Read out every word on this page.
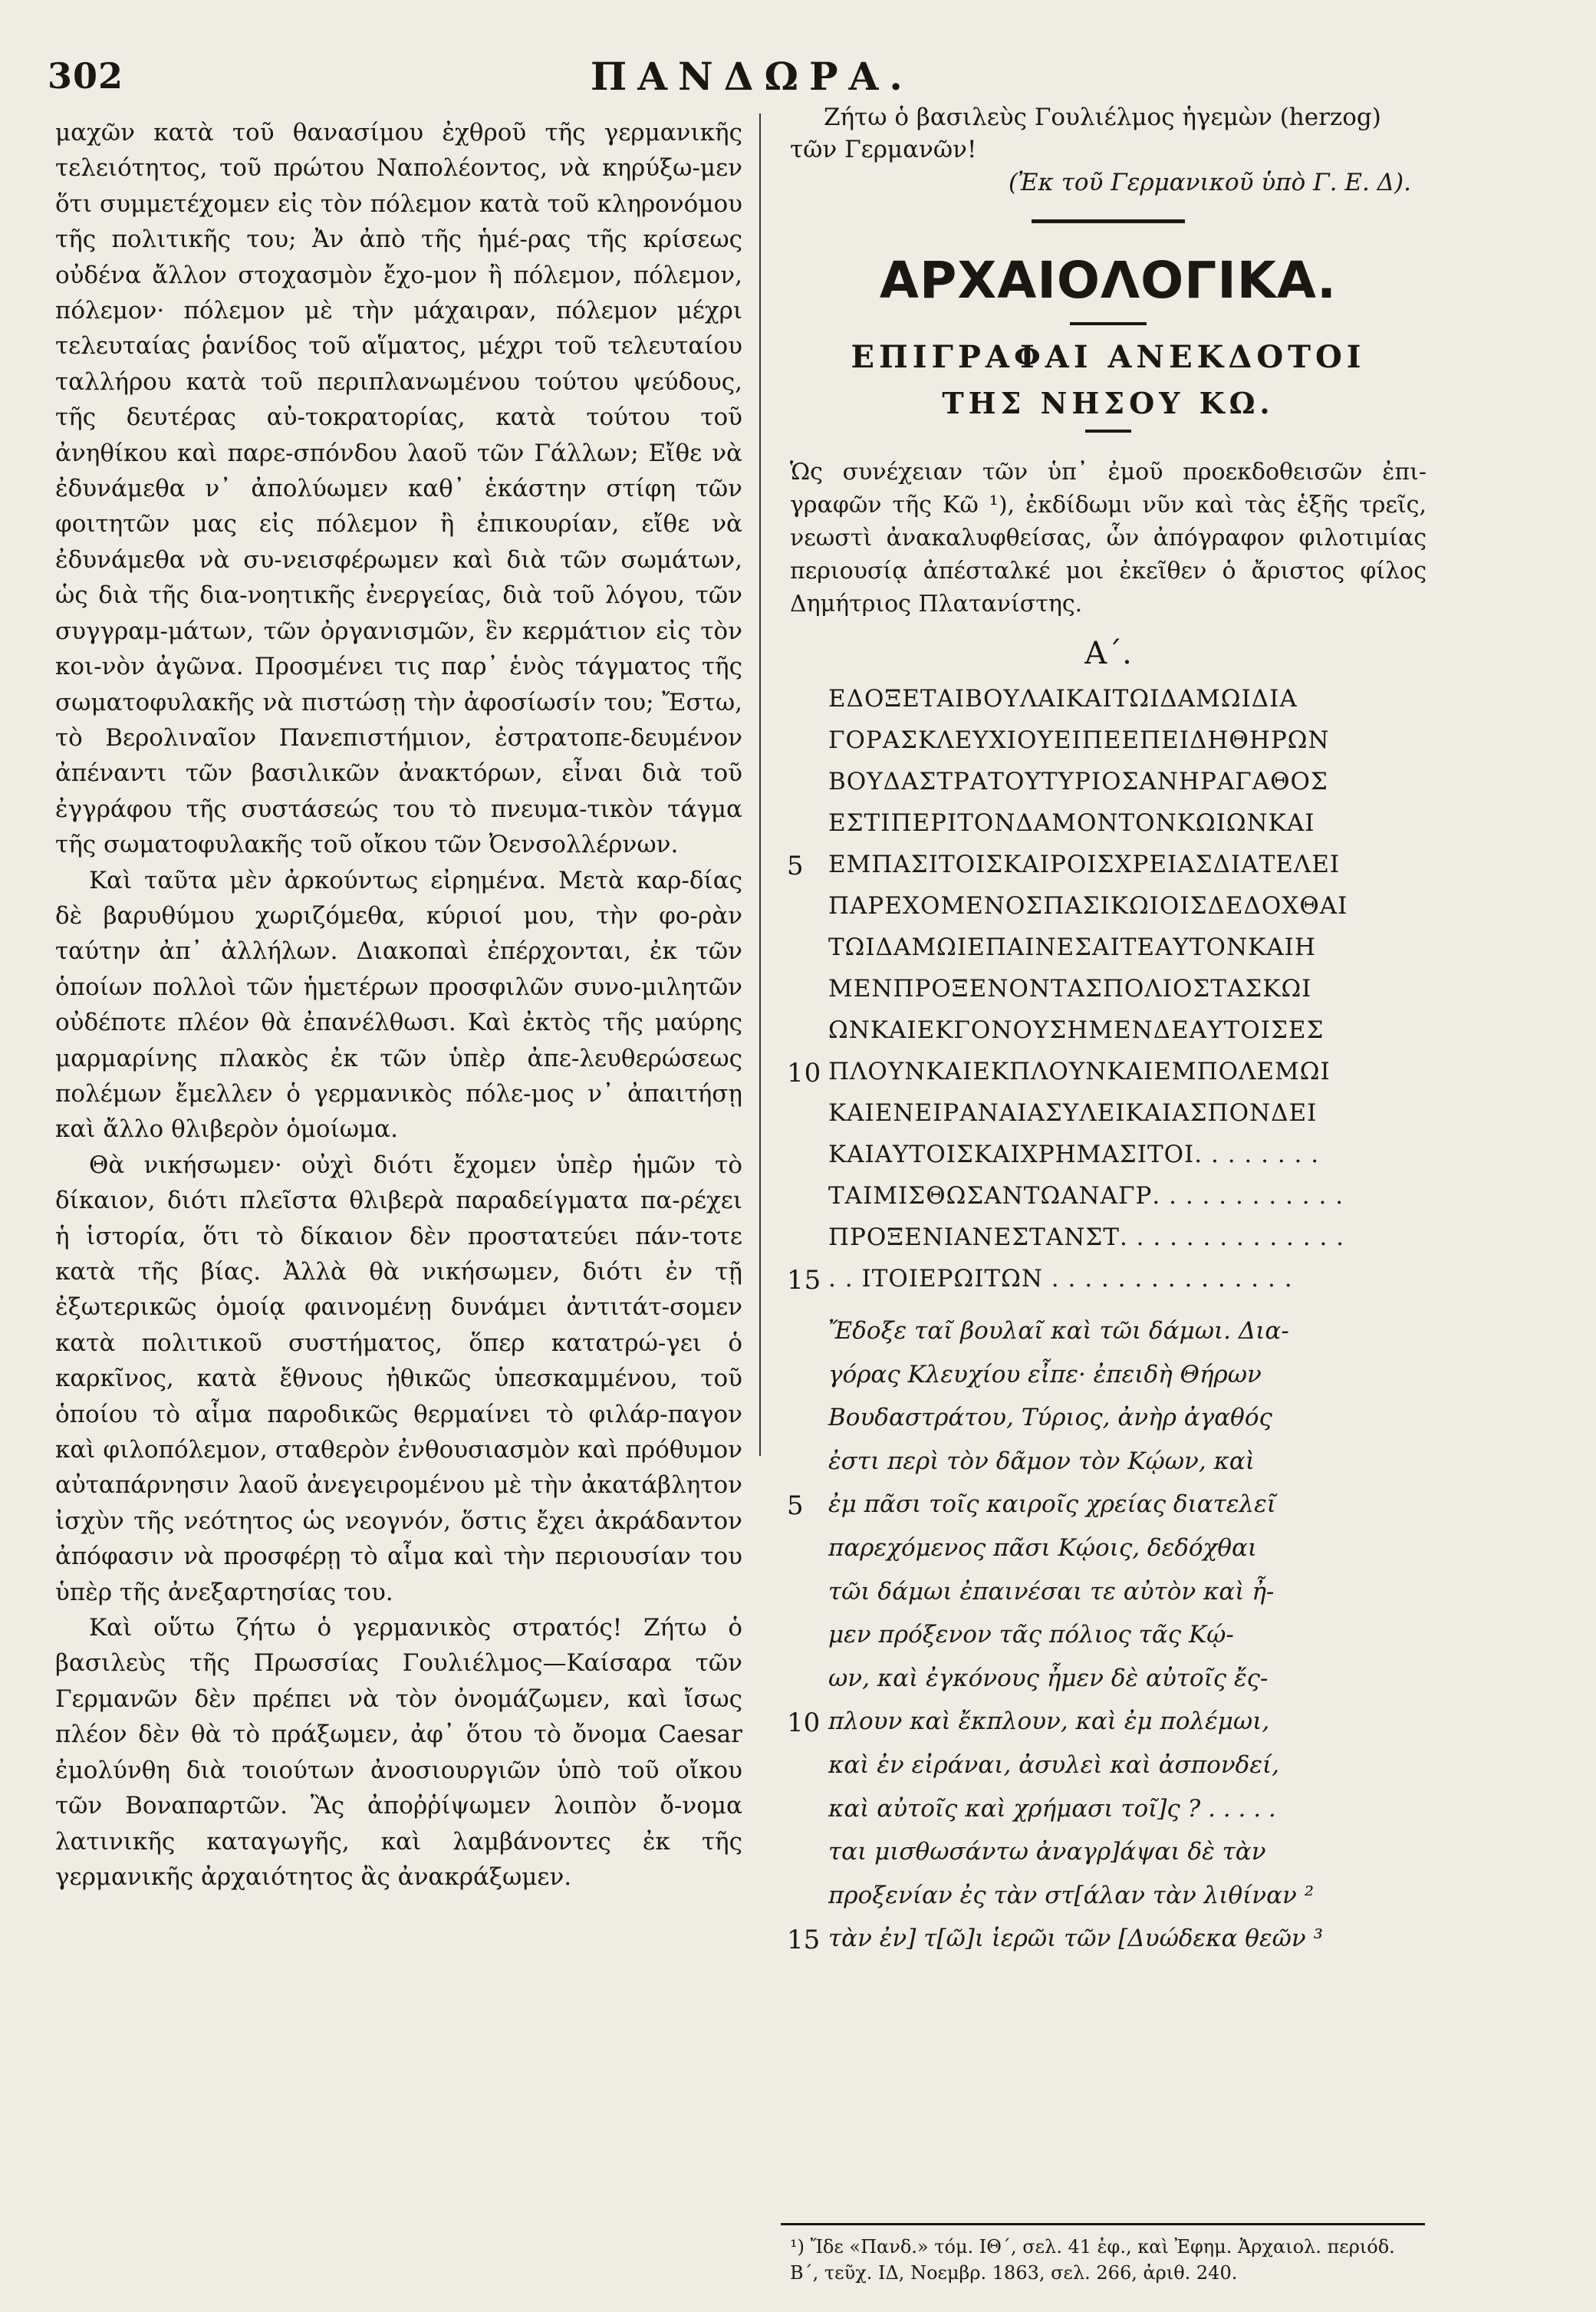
302	ΠΑΝΔΩΡΑ.

μαχῶν κατὰ τοῦ θανασίμου ἐχθροῦ τῆς γερμανικῆς τελειότητος, τοῦ πρώτου Ναπολέοντος, νὰ κηρύξω-μεν ὅτι συμμετέχομεν εἰς τὸν πόλεμον κατὰ τοῦ κληρονόμου τῆς πολιτικῆς του; Ἀν ἀπὸ τῆς ἡμέ-ρας τῆς κρίσεως οὐδένα ἄλλον στοχασμὸν ἔχο-μον ἢ πόλεμον, πόλεμον, πόλεμον· πόλεμον μὲ τὴν μάχαιραν, πόλεμον μέχρι τελευταίας ῥανίδος τοῦ αἵματος, μέχρι τοῦ τελευταίου ταλλήρου κατὰ τοῦ περιπλανωμένου τούτου ψεύδους, τῆς δευτέρας αὐ-τοκρατορίας, κατὰ τούτου τοῦ ἀνηθίκου καὶ παρε-σπόνδου λαοῦ τῶν Γάλλων; Εἴθε νὰ ἐδυνάμεθα ν᾽ ἀπολύωμεν καθ᾽ ἑκάστην στίφη τῶν φοιτητῶν μας εἰς πόλεμον ἢ ἐπικουρίαν, εἴθε νὰ ἐδυνάμεθα νὰ συ-νεισφέρωμεν καὶ διὰ τῶν σωμάτων, ὡς διὰ τῆς δια-νοητικῆς ἐνεργείας, διὰ τοῦ λόγου, τῶν συγγραμ-μάτων, τῶν ὀργανισμῶν, ἓν κερμάτιον εἰς τὸν κοι-νὸν ἀγῶνα. Προσμένει τις παρ᾽ ἑνὸς τάγματος τῆς σωματοφυλακῆς νὰ πιστώσῃ τὴν ἀφοσίωσίν του; Ἔστω, τὸ Βερολιναῖον Πανεπιστήμιον, ἐστρατοπε-δευμένον ἀπέναντι τῶν βασιλικῶν ἀνακτόρων, εἶναι διὰ τοῦ ἐγγράφου τῆς συστάσεώς του τὸ πνευμα-τικὸν τάγμα τῆς σωματοφυλακῆς τοῦ οἴκου τῶν Ὀενσολλέρνων.

Καὶ ταῦτα μὲν ἀρκούντως εἰρημένα. Μετὰ καρ-δίας δὲ βαρυθύμου χωριζόμεθα, κύριοί μου, τὴν φο-ρὰν ταύτην ἀπ᾽ ἀλλήλων. Διακοπαὶ ἐπέρχονται, ἐκ τῶν ὁποίων πολλοὶ τῶν ἡμετέρων προσφιλῶν συνο-μιλητῶν οὐδέποτε πλέον θὰ ἐπανέλθωσι. Καὶ ἐκτὸς τῆς μαύρης μαρμαρίνης πλακὸς ἐκ τῶν ὑπὲρ ἀπε-λευθερώσεως πολέμων ἔμελλεν ὁ γερμανικὸς πόλε-μος ν᾽ ἀπαιτήσῃ καὶ ἄλλο θλιβερὸν ὁμοίωμα.

Θὰ νικήσωμεν· οὐχὶ διότι ἔχομεν ὑπὲρ ἡμῶν τὸ δίκαιον, διότι πλεῖστα θλιβερὰ παραδείγματα πα-ρέχει ἡ ἱστορία, ὅτι τὸ δίκαιον δὲν προστατεύει πάν-τοτε κατὰ τῆς βίας. Ἀλλὰ θὰ νικήσωμεν, διότι ἐν τῇ ἐξωτερικῶς ὁμοίᾳ φαινομένῃ δυνάμει ἀντιτάτ-σομεν κατὰ πολιτικοῦ συστήματος, ὅπερ κατατρώ-γει ὁ καρκῖνος, κατὰ ἔθνους ἠθικῶς ὑπεσκαμμένου, τοῦ ὁποίου τὸ αἷμα παροδικῶς θερμαίνει τὸ φιλάρ-παγον καὶ φιλοπόλεμον, σταθερὸν ἐνθουσιασμὸν καὶ πρόθυμον αὐταπάρνησιν λαοῦ ἀνεγειρομένου μὲ τὴν ἀκατάβλητον ἰσχὺν τῆς νεότητος ὡς νεογνόν, ὅστις ἔχει ἀκράδαντον ἀπόφασιν νὰ προσφέρῃ τὸ αἷμα καὶ τὴν περιουσίαν του ὑπὲρ τῆς ἀνεξαρτησίας του.

Καὶ οὕτω ζήτω ὁ γερμανικὸς στρατός! Ζήτω ὁ βασιλεὺς τῆς Πρωσσίας Γουλιέλμος—Καίσαρα τῶν Γερμανῶν δὲν πρέπει νὰ τὸν ὀνομάζωμεν, καὶ ἴσως πλέον δὲν θὰ τὸ πράξωμεν, ἀφ᾽ ὅτου τὸ ὄνομα Caesar ἐμολύνθη διὰ τοιούτων ἀνοσιουργιῶν ὑπὸ τοῦ οἴκου τῶν Βοναπαρτῶν. Ἂς ἀποῤῥίψωμεν λοιπὸν ὄ-νομα λατινικῆς καταγωγῆς, καὶ λαμβάνοντες ἐκ τῆς γερμανικῆς ἀρχαιότητος ἂς ἀνακράξωμεν.

Ζήτω ὁ βασιλεὺς Γουλιέλμος ἡγεμὼν (herzog) τῶν Γερμανῶν!

(Ἐκ τοῦ Γερμανικοῦ ὑπὸ Γ. Ε. Δ).

ΑΡΧΑΙΟΛΟΓΙΚΑ.

ΕΠΙΓΡΑΦΑΙ ΑΝΕΚΔΟΤΟΙ

ΤΗΣ ΝΗΣΟΥ ΚΩ.

Ὡς συνέχειαν τῶν ὑπ᾽ ἐμοῦ προεκδοθεισῶν ἐπι-γραφῶν τῆς Κῶ ¹), ἐκδίδωμι νῦν καὶ τὰς ἑξῆς τρεῖς, νεωστὶ ἀνακαλυφθείσας, ὧν ἀπόγραφον φιλοτιμίας περιουσίᾳ ἀπέσταλκέ μοι ἐκεῖθεν ὁ ἄριστος φίλος Δημήτριος Πλατανίστης.

Α΄.
ΕΔΟΞΕΤΑΙΒΟΥΛΑΙΚΑΙΤΩΙΔΑΜΩΙΔΙΑ
ΓΟΡΑΣΚΛΕΥΧΙΟΥΕΙΠΕΕΠΕΙΔΗΘΗΡΩΝ
ΒΟΥΔΑΣΤΡΑΤΟΥΤΥΡΙΟΣΑΝΗΡΑΓΑΘΟΣ
ΕΣΤΙΠΕΡΙΤΟΝΔΑΜΟΝΤΟΝΚΩΙΩΝΚΑΙ
5 ΕΜΠΑΣΙΤΟΙΣΚΑΙΡΟΙΣΧΡΕΙΑΣΔΙΑΤΕΛΕΙ
ΠΑΡΕΧΟΜΕΝΟΣΠΑΣΙΚΩΙΟΙΣΔΕΔΟΧΘΑΙ
ΤΩΙΔΑΜΩΙΕΠΑΙΝΕΣΑΙΤΕΑΥΤΟΝΚΑΙΗ
ΜΕΝΠΡΟΞΕΝΟΝΤΑΣΠΟΛΙΟΣΤΑΣΚΩΙ
ΩΝΚΑΙΕΚΓΟΝΟΥΣΗΜΕΝΔΕΑΥΤΟΙΣΕΣ
10 ΠΛΟΥΝΚΑΙΕΚΠΛΟΥΝΚΑΙΕΜΠΟΛΕΜΩΙ
ΚΑΙΕΝΕΙΡΑΝΑΙΑΣΥΛΕΙΚΑΙΑΣΠΟΝΔΕΙ
ΚΑΙΑΥΤΟΙΣΚΑΙΧΡΗΜΑΣΙΤΟΙ. . . . . . . .
ΤΑΙΜΙΣΘΩΣΑΝΤΩΑΝΑΓΡ. . . . . . . . . . . .
ΠΡΟΞΕΝΙΑΝΕΣΤΑΝΣΤ. . . . . . . . . . . . . .
15 . . ΙΤΟΙΕΡΩΙΤΩΝ . . . . . . . . . . . . . . .
Ἔδοξε ταῖ βουλαῖ καὶ τῶι δάμωι. Δια-
γόρας Κλευχίου εἶπε· ἐπειδὴ Θήρων
Βουδαστράτου, Τύριος, ἀνὴρ ἀγαθός
ἐστι περὶ τὸν δᾶμον τὸν Κῴων, καὶ
5 ἐμ πᾶσι τοῖς καιροῖς χρείας διατελεῖ
παρεχόμενος πᾶσι Κῴοις, δεδόχθαι
τῶι δάμωι ἐπαινέσαι τε αὐτὸν καὶ ἦ-
μεν πρόξενον τᾶς πόλιος τᾶς Κῴ-
ων, καὶ ἐγκόνους ἦμεν δὲ αὐτοῖς ἔς-
10 πλουν καὶ ἔκπλουν, καὶ ἐμ πολέμωι,
καὶ ἐν εἰράναι, ἀσυλεὶ καὶ ἀσπονδεί,
καὶ αὐτοῖς καὶ χρήμασι τοῖ]ς ? . . . . .
ται μισθωσάντω ἀναγρ]άψαι δὲ τὰν
προξενίαν ἐς τὰν στ[άλαν τὰν λιθίναν ²
15 τὰν ἐν] τ[ῶ]ι ἱερῶι τῶν [Δυώδεκα θεῶν ³
¹) Ἴδε «Πανδ.» τόμ. ΙΘ΄, σελ. 41 ἑφ., καὶ Ἐφημ. Ἀρχαιολ. περιόδ. Β΄, τεῦχ. ΙΔ, Νοεμβρ. 1863, σελ. 266, ἀριθ. 240.
